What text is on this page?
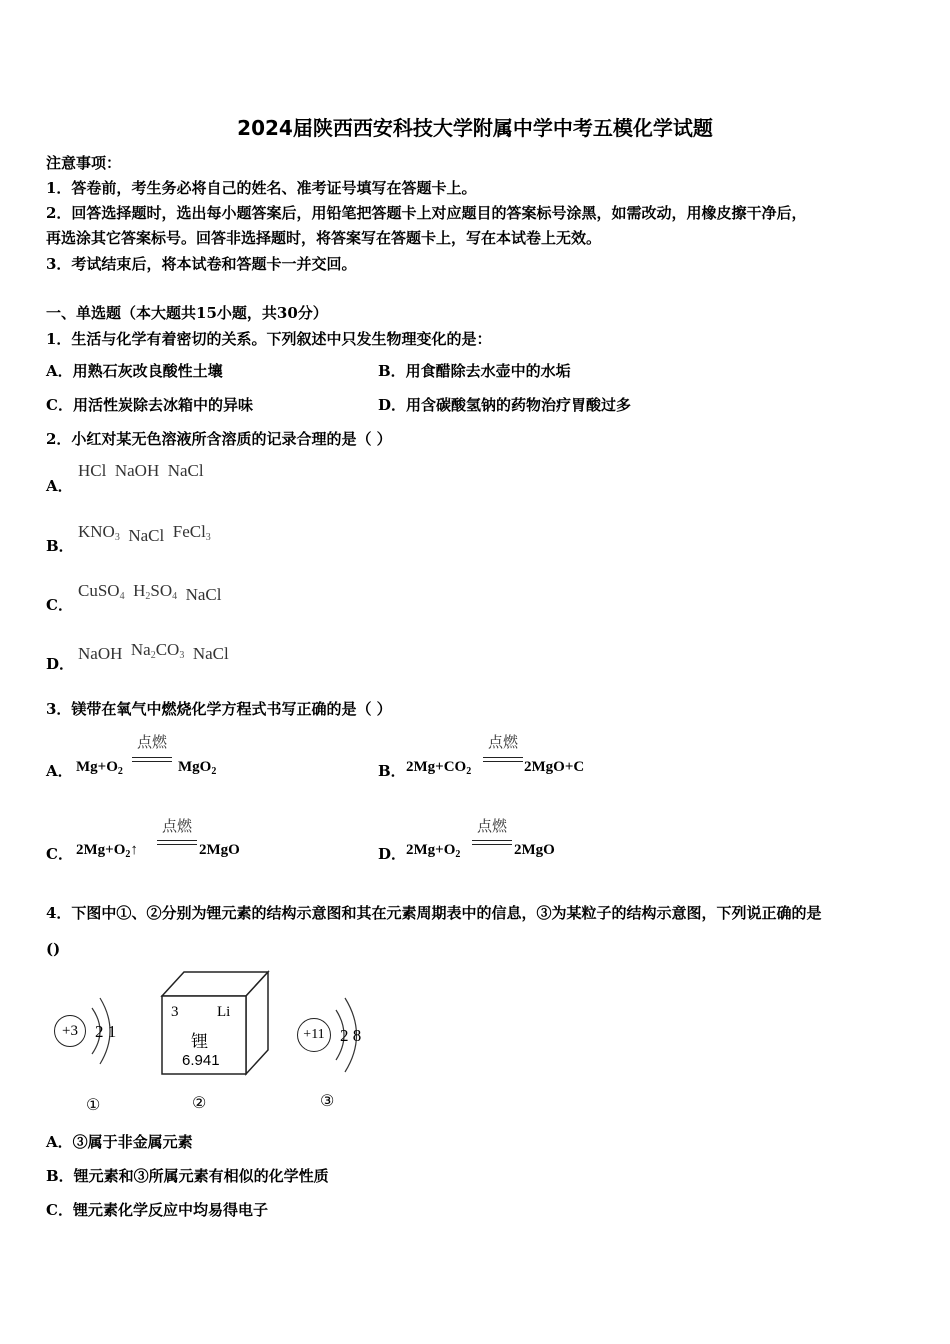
2024届陕西西安科技大学附属中学中考五模化学试题
注意事项：
1．答卷前，考生务必将自己的姓名、准考证号填写在答题卡上。
2．回答选择题时，选出每小题答案后，用铅笔把答题卡上对应题目的答案标号涂黑，如需改动，用橡皮擦干净后，
再选涂其它答案标号。回答非选择题时，将答案写在答题卡上，写在本试卷上无效。
3．考试结束后，将本试卷和答题卡一并交回。
一、单选题（本大题共15小题，共30分）
1．生活与化学有着密切的关系。下列叙述中只发生物理变化的是：
A．用熟石灰改良酸性土壤	B．用食醋除去水壶中的水垢
C．用活性炭除去冰箱中的异味	D．用含碳酸氢钠的药物治疗胃酸过多
2．小红对某无色溶液所含溶质的记录合理的是（ ）
A．
HCl NaOH NaCl
B．
$KNO_3$ NaCl FeCl$_3$
C．
CuSO$_4$ $H_2SO_4$ NaCl
D．
NaOH $Na_2CO_3$ NaCl
3．镁带在氧气中燃烧化学方程式书写正确的是（ ）
A． $Mg+O_2$
点燃
MgO$_2$	B． $2Mg+CO_2$
点燃
2MgO+C
C． $2Mg+O_2↑$
点燃
2MgO	D． $2Mg+O_2$
点燃
2MgO
4．下图中①、②分别为锂元素的结构示意图和其在元素周期表中的信息，③为某粒子的结构示意图，下列说正确的是
()
+3 2 1
①
3	Li
锂
6.941
②
+11 2 8
③
A．③属于非金属元素
B．锂元素和③所属元素有相似的化学性质
C．锂元素化学反应中均易得电子
